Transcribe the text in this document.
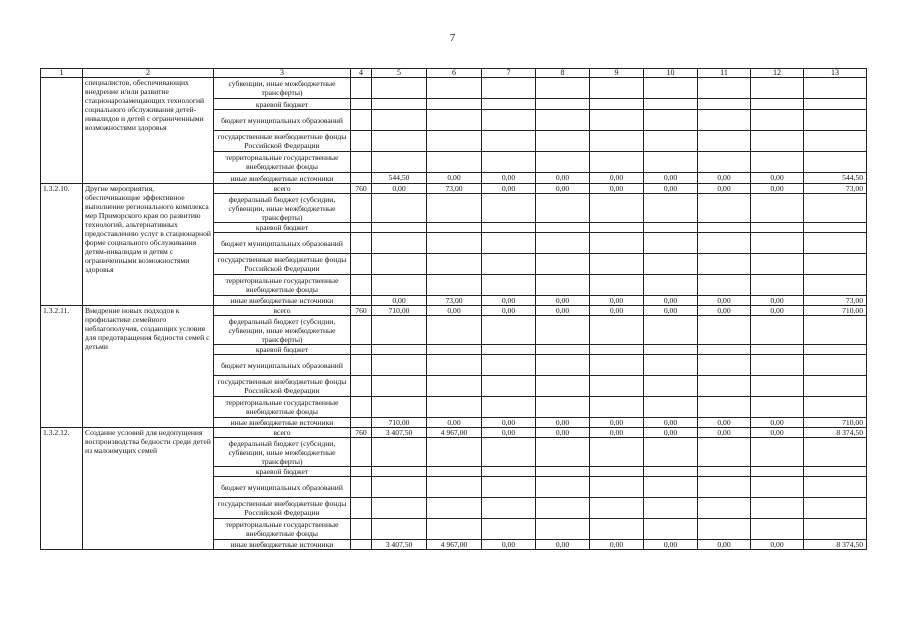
7
1	2	3	4	5	6	7	8	9	10	11	12	13
	специалистов, обеспечивающих внедрение и/или развитие стационарозамещающих технологий социального обслуживания детей-инвалидов и детей с ограниченными возможностями здоровья	субвенции, иные межбюджетные трансферты)										
		краевой бюджет										
		бюджет муниципальных образований										
		государственные внебюджетные фонды Российской Федерации										
		территориальные государственные внебюджетные фонды										
		иные внебюджетные источники		544,50	0,00	0,00	0,00	0,00	0,00	0,00	0,00	544,50
1.3.2.10.	Другие мероприятия, обеспечивающие эффективное выполнение регионального комплекса мер Приморского края по развитию технологий, альтернативных предоставлению услуг в стационарной форме социального обслуживания детям-инвалидам и детям с ограниченными возможностями здоровья	всего	760	0,00	73,00	0,00	0,00	0,00	0,00	0,00	0,00	73,00
		федеральный бюджет (субсидии, субвенции, иные межбюджетные трансферты)										
		краевой бюджет										
		бюджет муниципальных образований										
		государственные внебюджетные фонды Российской Федерации										
		территориальные государственные внебюджетные фонды										
		иные внебюджетные источники		0,00	73,00	0,00	0,00	0,00	0,00	0,00	0,00	73,00
1.3.2.11.	Внедрение новых подходов к профилактике семейного неблагополучия, создающих условия для предотвращения бедности семей с детьми	всего	760	710,00	0,00	0,00	0,00	0,00	0,00	0,00	0,00	710,00
		федеральный бюджет (субсидии, субвенции, иные межбюджетные трансферты)										
		краевой бюджет										
		бюджет муниципальных образований										
		государственные внебюджетные фонды Российской Федерации										
		территориальные государственные внебюджетные фонды										
		иные внебюджетные источники		710,00	0,00	0,00	0,00	0,00	0,00	0,00	0,00	710,00
1.3.2.12.	Создание условий для недопущения воспроизводства бедности среди детей из малоимущих семей	всего	760	3 407,50	4 967,00	0,00	0,00	0,00	0,00	0,00	0,00	8 374,50
		федеральный бюджет (субсидии, субвенции, иные межбюджетные трансферты)										
		краевой бюджет										
		бюджет муниципальных образований										
		государственные внебюджетные фонды Российской Федерации										
		территориальные государственные внебюджетные фонды										
		иные внебюджетные источники		3 407,50	4 967,00	0,00	0,00	0,00	0,00	0,00	0,00	8 374,50
